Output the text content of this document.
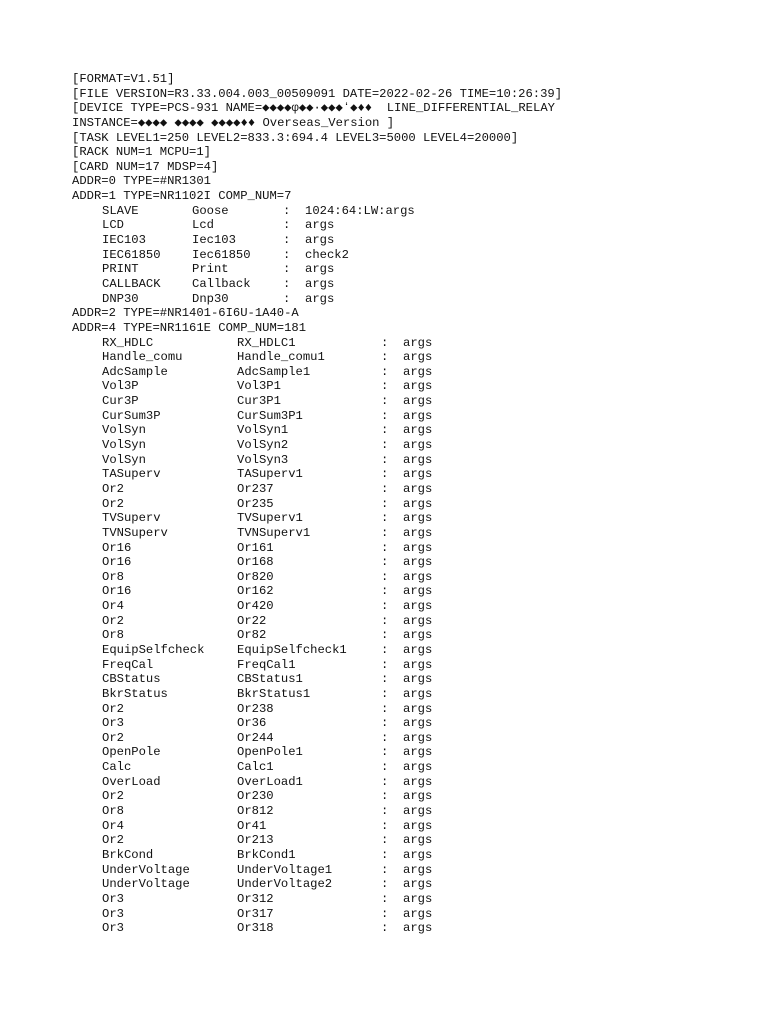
[FORMAT=V1.51]
[FILE VERSION=R3.33.004.003_00509091 DATE=2022-02-26 TIME=10:26:39]
[DEVICE TYPE=PCS-931 NAME=◆◆◆◆φ◆◆·◆◆◆ʻ◆♦♦  LINE_DIFFERENTIAL_RELAY
INSTANCE=◆◆◆◆ ◆◆◆◆ ◆◆◆◆♦♦ Overseas_Version ]
[TASK LEVEL1=250 LEVEL2=833.3:694.4 LEVEL3=5000 LEVEL4=20000]
[RACK NUM=1 MCPU=1]
[CARD NUM=17 MDSP=4]
ADDR=0 TYPE=#NR1301
ADDR=1 TYPE=NR1102I COMP_NUM=7
SLAVE	Goose	: 1024:64:LW:args
LCD	Lcd	: args
IEC103	Iec103	: args
IEC61850	Iec61850	: check2
PRINT	Print	: args
CALLBACK	Callback	: args
DNP30	Dnp30	: args
ADDR=2 TYPE=#NR1401-6I6U-1A40-A
ADDR=4 TYPE=NR1161E COMP_NUM=181
RX_HDLC	RX_HDLC1	: args
Handle_comu	Handle_comu1	: args
AdcSample	AdcSample1	: args
Vol3P	Vol3P1	: args
Cur3P	Cur3P1	: args
CurSum3P	CurSum3P1	: args
VolSyn	VolSyn1	: args
VolSyn	VolSyn2	: args
VolSyn	VolSyn3	: args
TASuperv	TASuperv1	: args
Or2	Or237	: args
Or2	Or235	: args
TVSuperv	TVSuperv1	: args
TVNSuperv	TVNSuperv1	: args
Or16	Or161	: args
Or16	Or168	: args
Or8	Or820	: args
Or16	Or162	: args
Or4	Or420	: args
Or2	Or22	: args
Or8	Or82	: args
EquipSelfcheck	EquipSelfcheck1	: args
FreqCal	FreqCal1	: args
CBStatus	CBStatus1	: args
BkrStatus	BkrStatus1	: args
Or2	Or238	: args
Or3	Or36	: args
Or2	Or244	: args
OpenPole	OpenPole1	: args
Calc	Calc1	: args
OverLoad	OverLoad1	: args
Or2	Or230	: args
Or8	Or812	: args
Or4	Or41	: args
Or2	Or213	: args
BrkCond	BrkCond1	: args
UnderVoltage	UnderVoltage1	: args
UnderVoltage	UnderVoltage2	: args
Or3	Or312	: args
Or3	Or317	: args
Or3	Or318	: args
